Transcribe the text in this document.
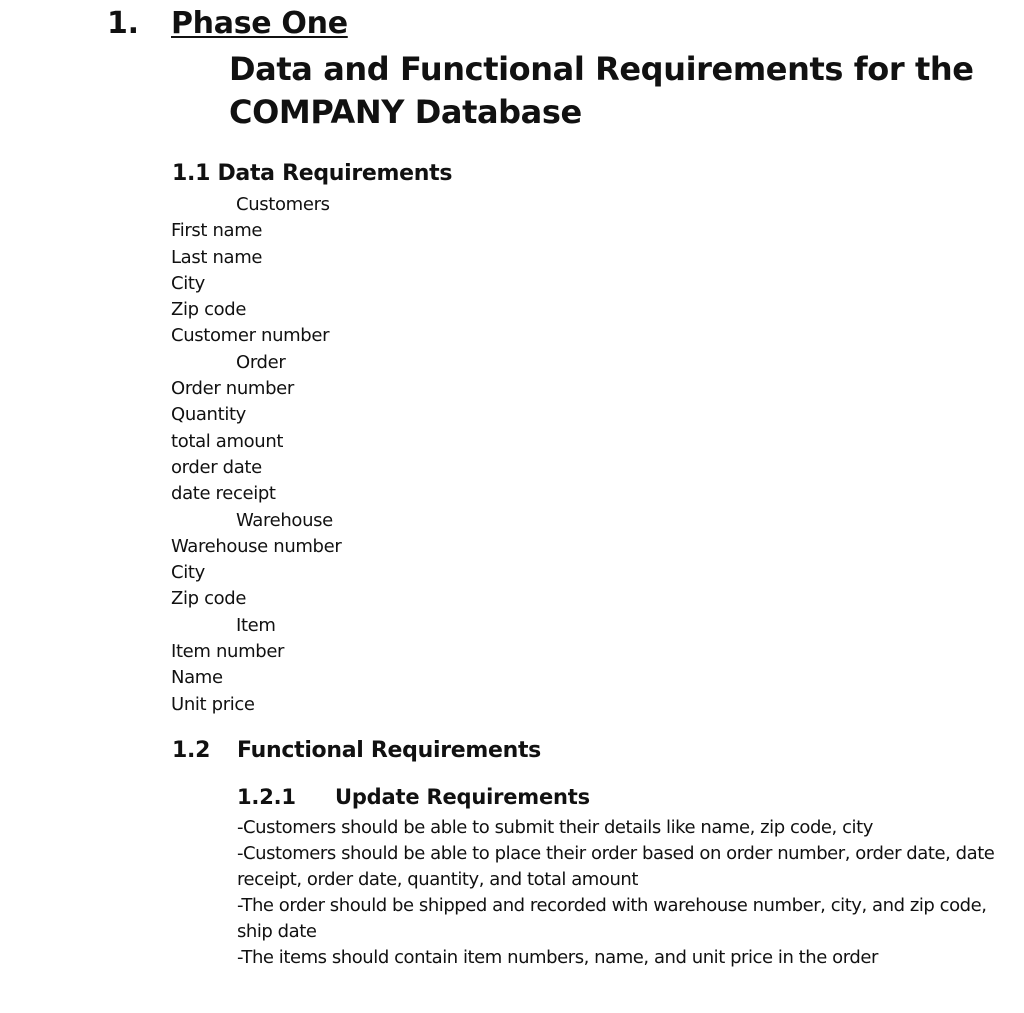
1. Phase One
Data and Functional Requirements for the COMPANY Database
1.1 Data Requirements
Customers
First name
Last name
City
Zip code
Customer number
Order
Order number
Quantity
total amount
order date
date receipt
Warehouse
Warehouse number
City
Zip code
Item
Item number
Name
Unit price
1.2 Functional Requirements
1.2.1 Update Requirements

-Customers should be able to submit their details like name, zip code, city

-Customers should be able to place their order based on order number, order date, date receipt, order date, quantity, and total amount

-The order should be shipped and recorded with warehouse number, city, and zip code, ship date

-The items should contain item numbers, name, and unit price in the order
